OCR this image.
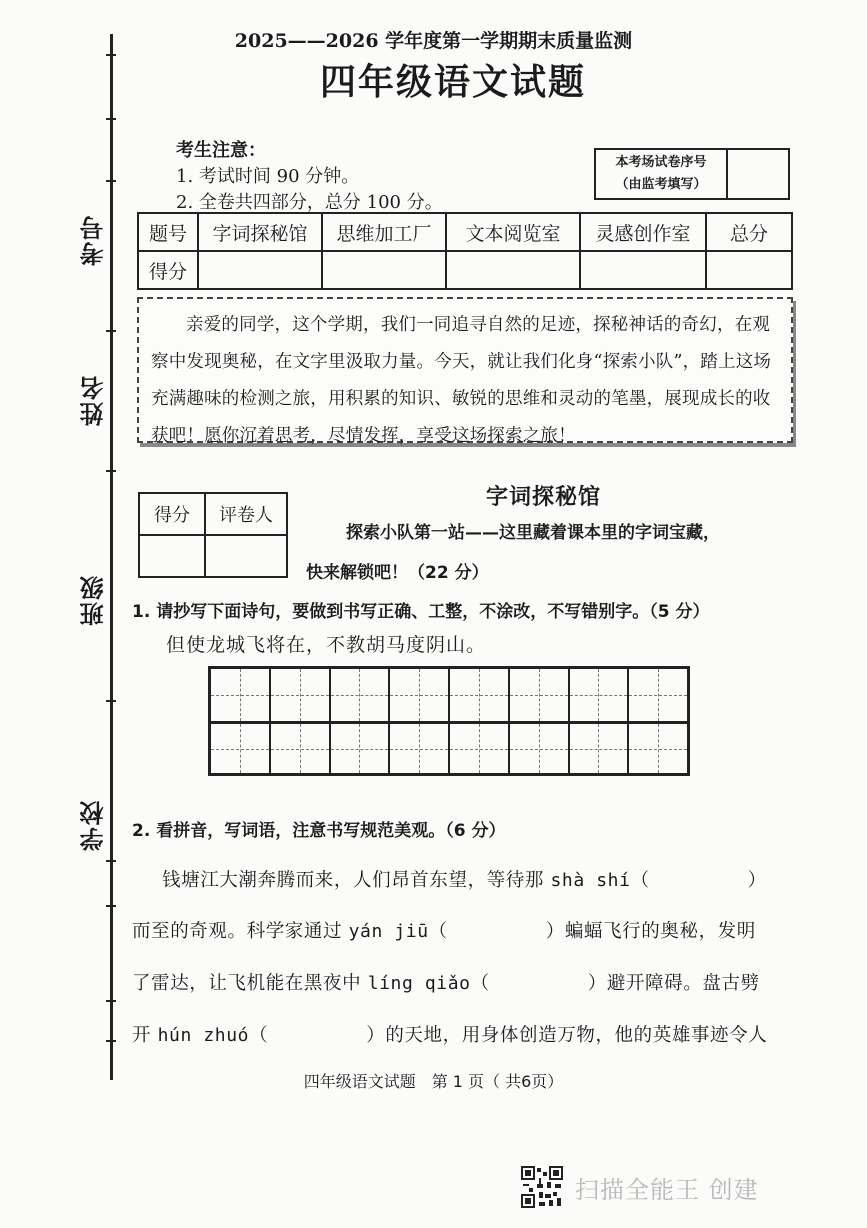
考号
姓名
班级
学校
2025——2026 学年度第一学期期末质量监测
四年级语文试题
考生注意：
1. 考试时间 90 分钟。
2. 全卷共四部分，总分 100 分。
本考场试卷序号
（由监考填写）
题号	字词探秘馆	思维加工厂	文本阅览室	灵感创作室	总分
得分					
亲爱的同学，这个学期，我们一同追寻自然的足迹，探秘神话的奇幻，在观察中发现奥秘，在文字里汲取力量。今天，就让我们化身“探索小队”，踏上这场充满趣味的检测之旅，用积累的知识、敏锐的思维和灵动的笔墨，展现成长的收获吧！愿你沉着思考，尽情发挥，享受这场探索之旅！
得分	评卷人

字词探秘馆
探索小队第一站——这里藏着课本里的字词宝藏，
快来解锁吧！（22 分）
1. 请抄写下面诗句，要做到书写正确、工整，不涂改，不写错别字。（5 分）
但使龙城飞将在，不教胡马度阴山。
2. 看拼音，写词语，注意书写规范美观。（6 分）
钱塘江大潮奔腾而来，人们昂首东望，等待那 shà shí（	）
而至的奇观。科学家通过 yán jiū（	）蝙蝠飞行的奥秘，发明
了雷达，让飞机能在黑夜中 líng qiǎo（	）避开障碍。盘古劈
开 hún zhuó（	）的天地，用身体创造万物，他的英雄事迹令人
四年级语文试题　第 1 页（ 共6页）
扫描全能王 创建
